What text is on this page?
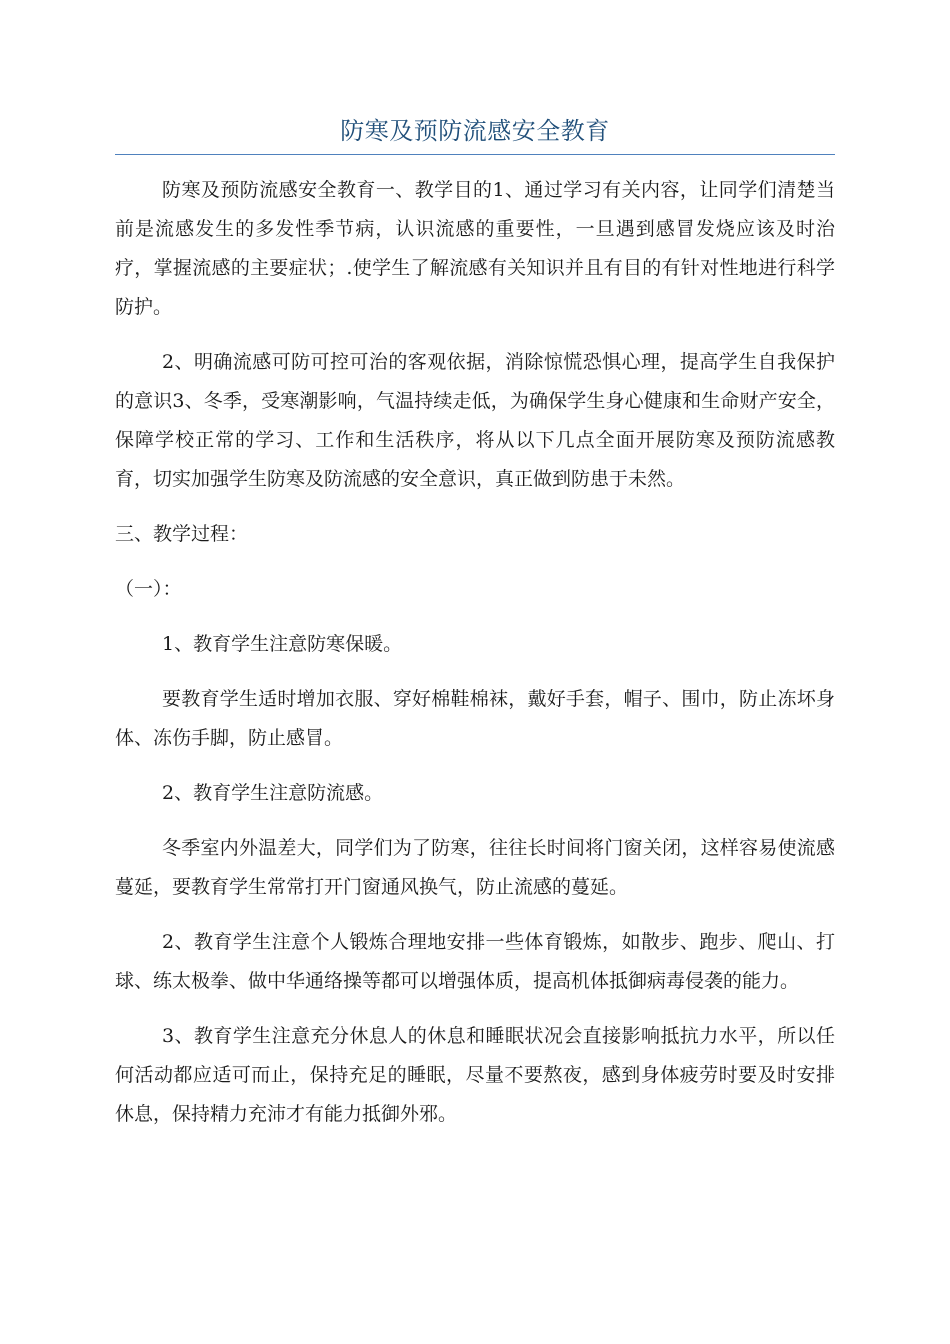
防寒及预防流感安全教育

防寒及预防流感安全教育一、教学目的1、通过学习有关内容，让同学们清楚当前是流感发生的多发性季节病，认识流感的重要性，一旦遇到感冒发烧应该及时治疗，掌握流感的主要症状；.使学生了解流感有关知识并且有目的有针对性地进行科学防护。

2、明确流感可防可控可治的客观依据，消除惊慌恐惧心理，提高学生自我保护的意识3、冬季，受寒潮影响，气温持续走低，为确保学生身心健康和生命财产安全，保障学校正常的学习、工作和生活秩序，将从以下几点全面开展防寒及预防流感教育，切实加强学生防寒及防流感的安全意识，真正做到防患于未然。

三、教学过程：

（一）：

1、教育学生注意防寒保暖。

要教育学生适时增加衣服、穿好棉鞋棉袜，戴好手套，帽子、围巾，防止冻坏身体、冻伤手脚，防止感冒。

2、教育学生注意防流感。

冬季室内外温差大，同学们为了防寒，往往长时间将门窗关闭，这样容易使流感蔓延，要教育学生常常打开门窗通风换气，防止流感的蔓延。

2、教育学生注意个人锻炼合理地安排一些体育锻炼，如散步、跑步、爬山、打球、练太极拳、做中华通络操等都可以增强体质，提高机体抵御病毒侵袭的能力。

3、教育学生注意充分休息人的休息和睡眠状况会直接影响抵抗力水平，所以任何活动都应适可而止，保持充足的睡眠，尽量不要熬夜，感到身体疲劳时要及时安排休息，保持精力充沛才有能力抵御外邪。
